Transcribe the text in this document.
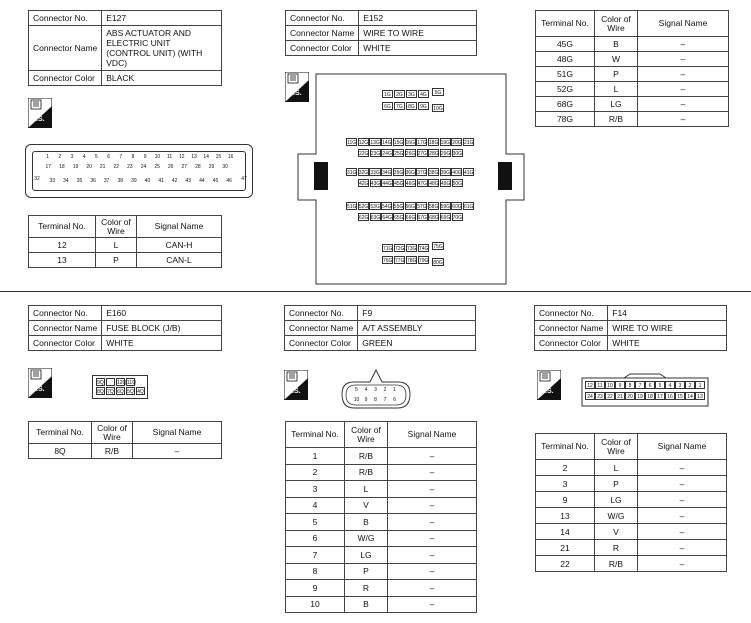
Connector No.	E127
Connector Name	ABS ACTUATOR AND ELECTRIC UNIT (CONTROL UNIT) (WITH VDC)
Connector Color	BLACK
H.S.
1	2	3	4	5	6	7	8	9	10	11	12	13	14	15	16
17	18	19	20	21	22	23	24	25	26	27	28	29	30
33	34	35	36	37	38	39	40	41	42	43	44	45	46
32	47
Terminal No.	Color of Wire	Signal Name
12	L	CAN-H
13	P	CAN-L
Connector No.	E152
Connector Name	WIRE TO WIRE
Connector Color	WHITE
H.S.	1G	2G	3G	4G
6G	7G	8G	9G
5G
10G
11G 12G 13G 14G 15G 16G 17G 18G 19G 20G 21G
22G 23G 24G 25G 26G 27G 28G 29G 30G
31G 32G 33G 34G 35G 36G 37G 38G 39G 40G 41G
42G 43G 44G 45G 46G 47G 48G 49G 50G
51G 52G 53G 54G 55G 56G 57G 58G 59G 60G 61G
62G 63G 64G 65G 66G 67G 68G 69G 70G
71G 72G 73G 74G
76G 77G 78G 79G
75G
80G
Terminal No.	Color of Wire	Signal Name
45G	B	–
48G	W	–
51G	P	–
52G	L	–
68G	LG	–
78G	R/B	–
Connector No.	E160
Connector Name	FUSE BLOCK (J/B)
Connector Color	WHITE
H.S.
9Q	12Q 11Q
8Q 7Q 6Q 5Q 4Q
Terminal No.	Color of Wire	Signal Name
8Q	R/B	–
Connector No.	F9
Connector Name	A/T ASSEMBLY
Connector Color	GREEN
H.S.	5	4	3	2	1
10	9	8	7	6
Terminal No.	Color of Wire	Signal Name
1	R/B	–
2	R/B	–
3	L	–
4	V	–
5	B	–
6	W/G	–
7	LG	–
8	P	–
9	R	–
10	B	–
Connector No.	F14
Connector Name	WIRE TO WIRE
Connector Color	WHITE
H.S.
12 11 10	9	8	7	6	5	4	3	2	1
24 23 22 21 20 19 18 17 16 15 14 13
Terminal No.	Color of Wire	Signal Name
2	L	–
3	P	–
9	LG	–
13	W/G	–
14	V	–
21	R	–
22	R/B	–
